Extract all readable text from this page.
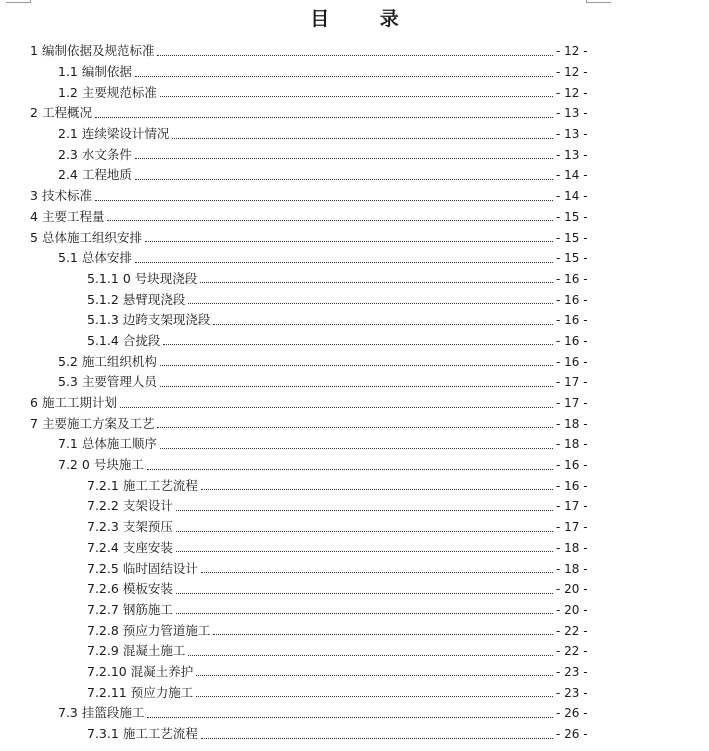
目 录
1 编制依据及规范标准	- 12 -
1.1 编制依据	- 12 -
1.2 主要规范标准	- 12 -
2 工程概况	- 13 -
2.1 连续梁设计情况	- 13 -
2.3 水文条件	- 13 -
2.4 工程地质	- 14 -
3 技术标准	- 14 -
4 主要工程量	- 15 -
5 总体施工组织安排	- 15 -
5.1 总体安排	- 15 -
5.1.1 0 号块现浇段	- 16 -
5.1.2 悬臂现浇段	- 16 -
5.1.3 边跨支架现浇段	- 16 -
5.1.4 合拢段	- 16 -
5.2 施工组织机构	- 16 -
5.3 主要管理人员	- 17 -
6 施工工期计划	- 17 -
7 主要施工方案及工艺	- 18 -
7.1 总体施工顺序	- 18 -
7.2 0 号块施工	- 16 -
7.2.1 施工工艺流程	- 16 -
7.2.2 支架设计	- 17 -
7.2.3 支架预压	- 17 -
7.2.4 支座安装	- 18 -
7.2.5 临时固结设计	- 18 -
7.2.6 模板安装	- 20 -
7.2.7 钢筋施工	- 20 -
7.2.8 预应力管道施工	- 22 -
7.2.9 混凝土施工	- 22 -
7.2.10 混凝土养护	- 23 -
7.2.11 预应力施工	- 23 -
7.3 挂篮段施工	- 26 -
7.3.1 施工工艺流程	- 26 -
